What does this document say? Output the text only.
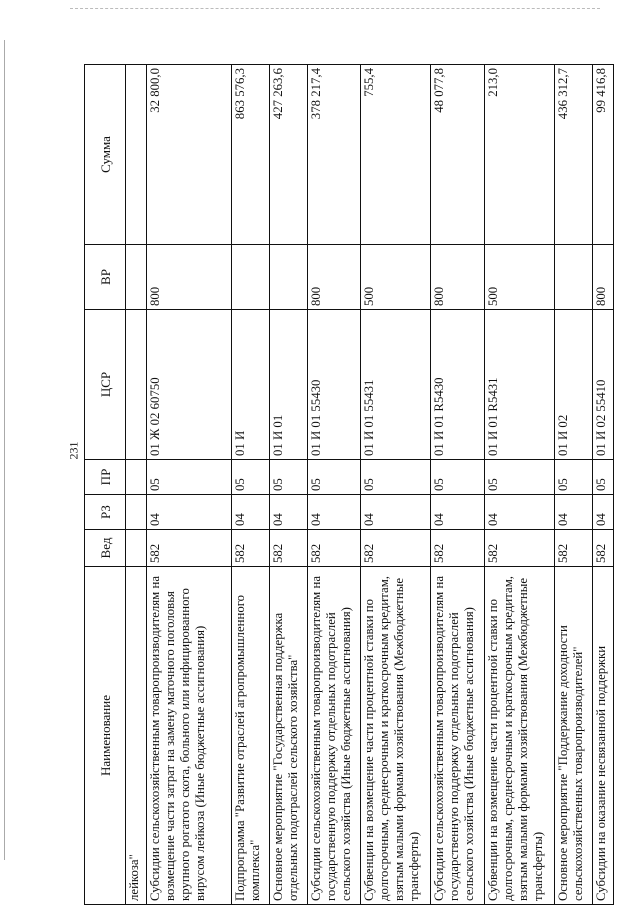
231
Наименование	Вед	РЗ	ПР	ЦСР	ВР	Сумма
лейкоза"						
Субсидии сельскохозяйственным товаропроизводителям на возмещение части затрат на замену маточного поголовья крупного рогатого скота, больного или инфицированного вирусом лейкоза (Иные бюджетные ассигнования)	582	04	05	01 Ж 02 60750	800	32 800,0
Подпрограмма "Развитие отраслей агропромышленного комплекса"	582	04	05	01 И		863 576,3
Основное мероприятие "Государственная поддержка отдельных подотраслей сельского хозяйства"	582	04	05	01 И 01		427 263,6
Субсидии сельскохозяйственным товаропроизводителям на государственную поддержку отдельных подотраслей сельского хозяйства (Иные бюджетные ассигнования)	582	04	05	01 И 01 55430	800	378 217,4
Субвенции на возмещение части процентной ставки по долгосрочным, среднесрочным и краткосрочным кредитам, взятым малыми формами хозяйствования (Межбюджетные трансферты)	582	04	05	01 И 01 55431	500	755,4
Субсидии сельскохозяйственным товаропроизводителям на государственную поддержку отдельных подотраслей сельского хозяйства (Иные бюджетные ассигнования)	582	04	05	01 И 01 R5430	800	48 077,8
Субвенции на возмещение части процентной ставки по долгосрочным, среднесрочным и краткосрочным кредитам, взятым малыми формами хозяйствования (Межбюджетные трансферты)	582	04	05	01 И 01 R5431	500	213,0
Основное мероприятие "Поддержание доходности сельскохозяйственных товаропроизводителей"	582	04	05	01 И 02		436 312,7
Субсидии на оказание несвязанной поддержки	582	04	05	01 И 02 55410	800	99 416,8
